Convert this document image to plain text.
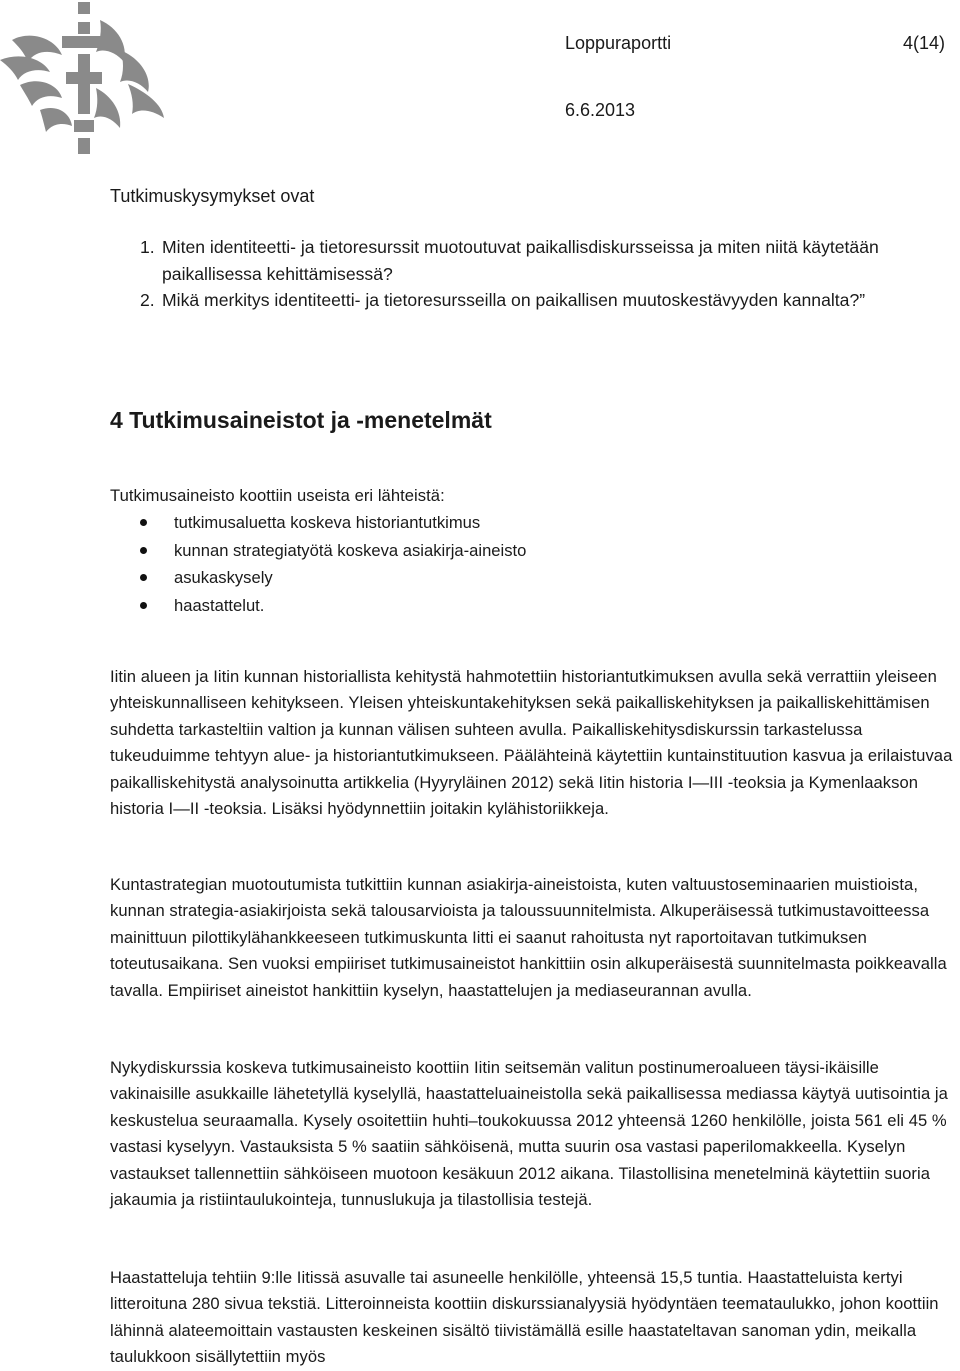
Loppuraportti	4(14)
6.6.2013
Tutkimuskysymykset ovat
1. Miten identiteetti- ja tietoresurssit muotoutuvat paikallisdiskursseissa ja miten niitä käytetään paikallisessa kehittämisessä?
2. Mikä merkitys identiteetti- ja tietoresursseilla on paikallisen muutoskestävyyden kannalta?”
4 Tutkimusaineistot ja -menetelmät
Tutkimusaineisto koottiin useista eri lähteistä:
tutkimusaluetta koskeva historiantutkimus
kunnan strategiatyötä koskeva asiakirja-aineisto
asukaskysely
haastattelut.

Iitin alueen ja Iitin kunnan historiallista kehitystä hahmotettiin historiantutkimuksen avulla sekä verrattiin yleiseen yhteiskunnalliseen kehitykseen. Yleisen yhteiskuntakehityksen sekä paikalliskehityksen ja paikalliskehittämisen suhdetta tarkasteltiin valtion ja kunnan välisen suhteen avulla. Paikalliskehitysdiskurssin tarkastelussa tukeuduimme tehtyyn alue- ja historiantutkimukseen. Päälähteinä käytettiin kuntainstituution kasvua ja erilaistuvaa paikalliskehitystä analysoinutta artikkelia (Hyyryläinen 2012) sekä Iitin historia I—III -teoksia ja Kymenlaakson historia I—II -teoksia. Lisäksi hyödynnettiin joitakin kylähistoriikkeja.

Kuntastrategian muotoutumista tutkittiin kunnan asiakirja-aineistoista, kuten valtuustoseminaarien muistioista, kunnan strategia-asiakirjoista sekä talousarvioista ja taloussuunnitelmista. Alkuperäisessä tutkimustavoitteessa mainittuun pilottikylähankkeeseen tutkimuskunta Iitti ei saanut rahoitusta nyt raportoitavan tutkimuksen toteutusaikana. Sen vuoksi empiiriset tutkimusaineistot hankittiin osin alkuperäisestä suunnitelmasta poikkeavalla tavalla. Empiiriset aineistot hankittiin kyselyn, haastattelujen ja mediaseurannan avulla.

Nykydiskurssia koskeva tutkimusaineisto koottiin Iitin seitsemän valitun postinumeroalueen täysi-ikäisille vakinaisille asukkaille lähetetyllä kyselyllä, haastatteluaineistolla sekä paikallisessa mediassa käytyä uutisointia ja keskustelua seuraamalla. Kysely osoitettiin huhti–toukokuussa 2012 yhteensä 1260 henkilölle, joista 561 eli 45 % vastasi kyselyyn. Vastauksista 5 % saatiin sähköisenä, mutta suurin osa vastasi paperilomakkeella. Kyselyn vastaukset tallennettiin sähköiseen muotoon kesäkuun 2012 aikana. Tilastollisina menetelminä käytettiin suoria jakaumia ja ristiintaulukointeja, tunnuslukuja ja tilastollisia testejä.

Haastatteluja tehtiin 9:lle Iitissä asuvalle tai asuneelle henkilölle, yhteensä 15,5 tuntia. Haastatteluista kertyi litteroituna 280 sivua tekstiä. Litteroinneista koottiin diskurssianalyysiä hyödyntäen teemataulukko, johon koottiin lähinnä alateemoittain vastausten keskeinen sisältö tiivistämällä esille haastateltavan sanoman ydin, meikalla taulukkoon sisällytettiin myös
